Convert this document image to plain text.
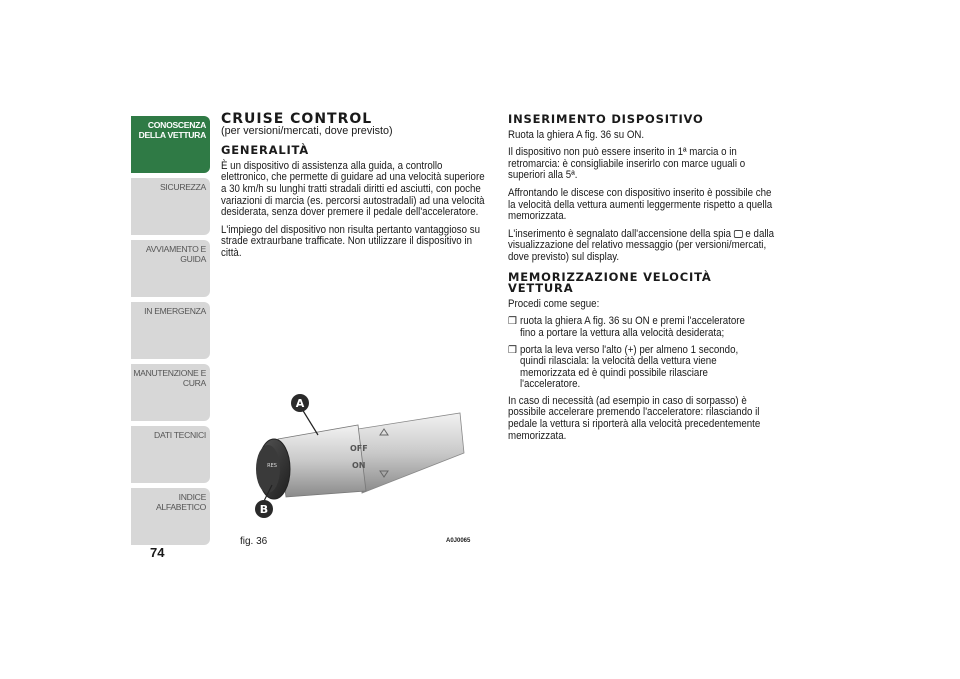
CONOSCENZA DELLA VETTURA
SICUREZZA
AVVIAMENTO E GUIDA
IN EMERGENZA
MANUTENZIONE E CURA
DATI TECNICI
INDICE ALFABETICO
74
CRUISE CONTROL
(per versioni/mercati, dove previsto)
GENERALITÀ

È un dispositivo di assistenza alla guida, a controllo elettronico, che permette di guidare ad una velocità superiore a 30 km/h su lunghi tratti stradali diritti ed asciutti, con poche variazioni di marcia (es. percorsi autostradali) ad una velocità desiderata, senza dover premere il pedale dell'acceleratore.

L'impiego del dispositivo non risulta pertanto vantaggioso su strade extraurbane trafficate. Non utilizzare il dispositivo in città.

RES
OFF
ON
A
B
fig. 36	A0J0065
INSERIMENTO DISPOSITIVO

Ruota la ghiera A fig. 36 su ON.

Il dispositivo non può essere inserito in 1ª marcia o in retromarcia: è consigliabile inserirlo con marce uguali o superiori alla 5ª.

Affrontando le discese con dispositivo inserito è possibile che la velocità della vettura aumenti leggermente rispetto a quella memorizzata.

L'inserimento è segnalato dall'accensione della spia e dalla visualizzazione del relativo messaggio (per versioni/mercati, dove previsto) sul display.

MEMORIZZAZIONE VELOCITÀ VETTURA

Procedi come segue:

❒ ruota la ghiera A fig. 36 su ON e premi l'acceleratore fino a portare la vettura alla velocità desiderata;
❒ porta la leva verso l'alto (+) per almeno 1 secondo, quindi rilasciala: la velocità della vettura viene memorizzata ed è quindi possibile rilasciare l'acceleratore.

In caso di necessità (ad esempio in caso di sorpasso) è possibile accelerare premendo l'acceleratore: rilasciando il pedale la vettura si riporterà alla velocità precedentemente memorizzata.
